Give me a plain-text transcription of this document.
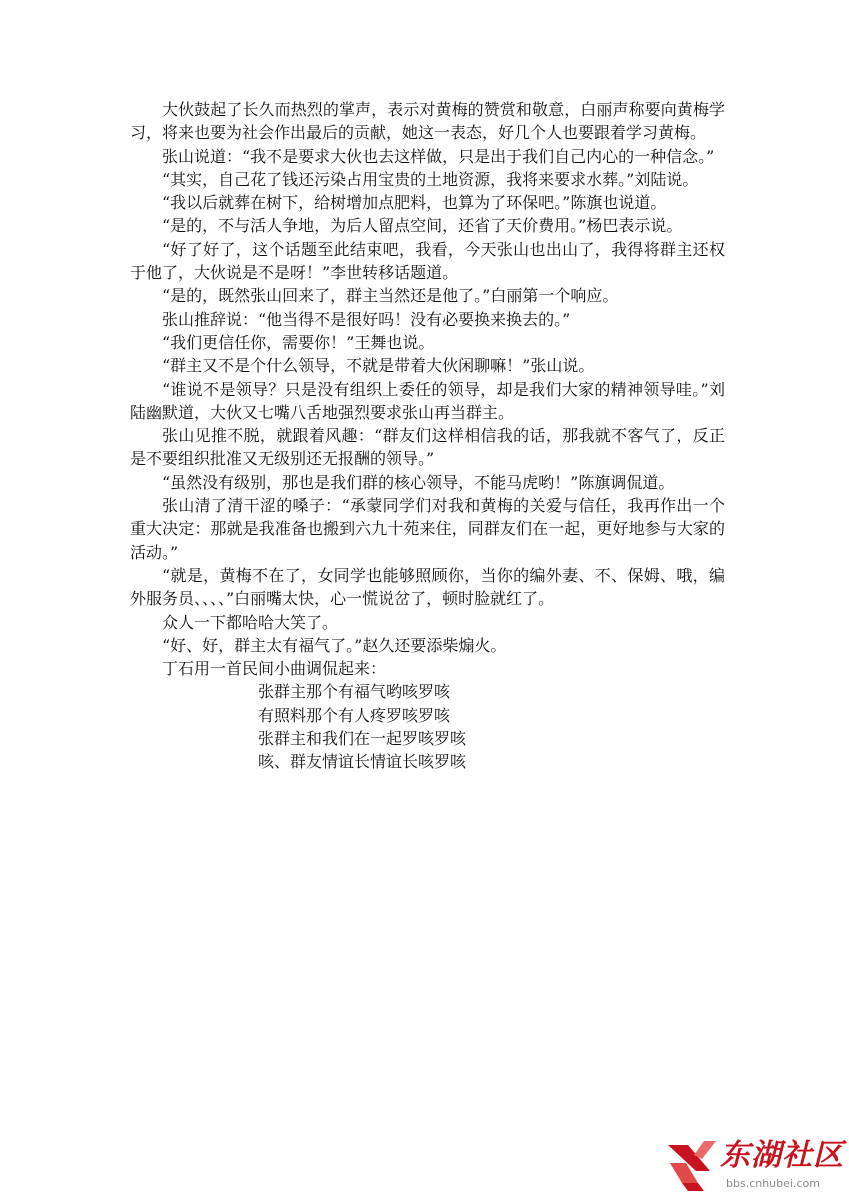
大伙鼓起了长久而热烈的掌声，表示对黄梅的赞赏和敬意，白丽声称要向黄梅学习，将来也要为社会作出最后的贡献，她这一表态，好几个人也要跟着学习黄梅。

张山说道：“我不是要求大伙也去这样做，只是出于我们自己内心的一种信念。”

“其实，自己花了钱还污染占用宝贵的土地资源，我将来要求水葬。”刘陆说。

“我以后就葬在树下，给树增加点肥料，也算为了环保吧。”陈旗也说道。

“是的，不与活人争地，为后人留点空间，还省了天价费用。”杨巴表示说。

“好了好了，这个话题至此结束吧，我看，今天张山也出山了，我得将群主还权于他了，大伙说是不是呀！”李世转移话题道。

“是的，既然张山回来了，群主当然还是他了。”白丽第一个响应。

张山推辞说：“他当得不是很好吗！没有必要换来换去的。”

“我们更信任你，需要你！”王舞也说。

“群主又不是个什么领导，不就是带着大伙闲聊嘛！”张山说。

“谁说不是领导？只是没有组织上委任的领导，却是我们大家的精神领导哇。”刘陆幽默道，大伙又七嘴八舌地强烈要求张山再当群主。

张山见推不脱，就跟着风趣：“群友们这样相信我的话，那我就不客气了，反正是不要组织批准又无级别还无报酬的领导。”

“虽然没有级别，那也是我们群的核心领导，不能马虎哟！”陈旗调侃道。

张山清了清干涩的嗓子：“承蒙同学们对我和黄梅的关爱与信任，我再作出一个重大决定：那就是我准备也搬到六九十苑来住，同群友们在一起，更好地参与大家的活动。”

“就是，黄梅不在了，女同学也能够照顾你，当你的编外妻、不、保姆、哦，编外服务员、、、、”白丽嘴太快，心一慌说岔了，顿时脸就红了。

众人一下都哈哈大笑了。

“好、好，群主太有福气了。”赵久还要添柴煽火。

丁石用一首民间小曲调侃起来：

张群主那个有福气哟咳罗咳

有照料那个有人疼罗咳罗咳

张群主和我们在一起罗咳罗咳

咳、群友情谊长情谊长咳罗咳

东湖社区
bbs.cnhubei.com
